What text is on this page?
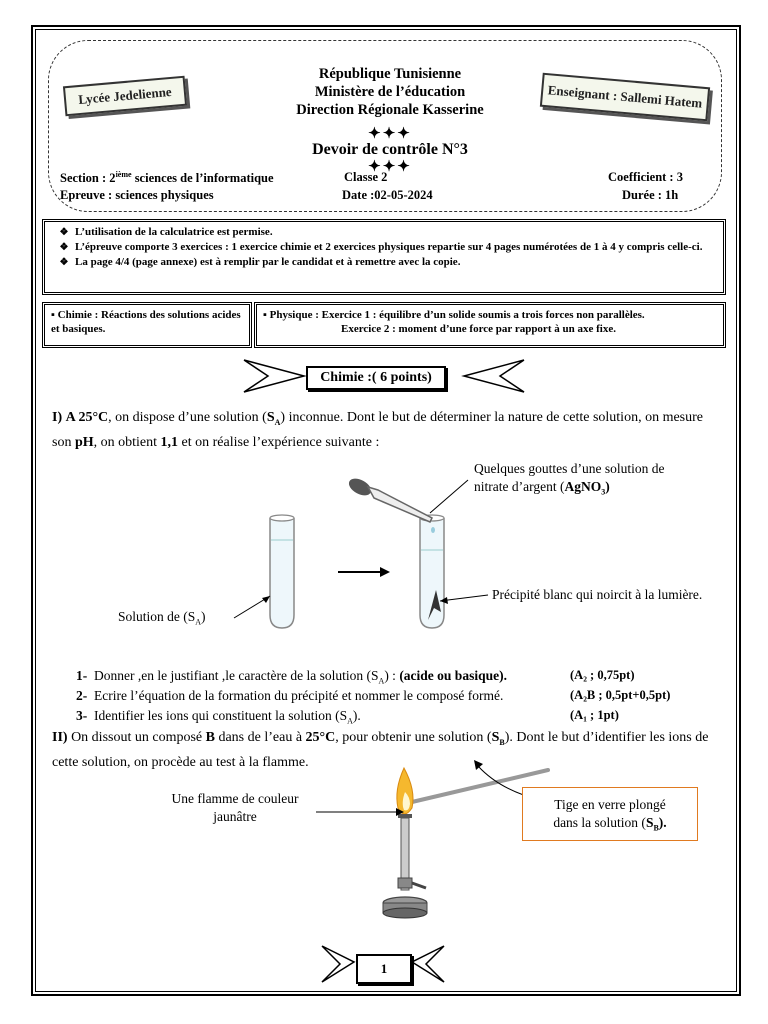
Lycée Jedelienne	Enseignant : Sallemi Hatem
République Tunisienne
Ministère de l’éducation
Direction Régionale Kasserine
✦✦✦
Devoir de contrôle N°3
✦✦✦
Section : 2ième sciences de l’informatique	Classe 2	Coefficient : 3
Epreuve : sciences physiques	Date :02-05-2024	Durée : 1h
❖ L’utilisation de la calculatrice est permise.
❖ L’épreuve comporte 3 exercices : 1 exercice chimie et 2 exercices physiques repartie sur 4 pages numérotées de 1 à 4 y compris celle-ci.
❖ La page 4/4 (page annexe) est à remplir par le candidat et à remettre avec la copie.
▪ Chimie : Réactions des solutions acides et basiques.
▪ Physique : Exercice 1 : équilibre d’un solide soumis a trois forces non parallèles.
Exercice 2 : moment d’une force par rapport à un axe fixe.
Chimie :( 6 points)
I) A 25°C, on dispose d’une solution $(S_A)$ inconnue. Dont le but de déterminer la nature de cette solution, on mesure son pH, on obtient 1,1 et on réalise l’expérience suivante :
Quelques gouttes d’une solution de
nitrate d’argent (AgNO$_3$)
Solution de $(S_A)$
Précipité blanc qui noircit à la lumière.
1- Donner ,en le justifiant ,le caractère de la solution $(S_A)$ : (acide ou basique).	(A₂ ; 0,75pt)
2- Ecrire l’équation de la formation du précipité et nommer le composé formé.	(A₂B ; 0,5pt+0,5pt)
3- Identifier les ions qui constituent la solution $(S_A)$.	(A₁ ; 1pt)
II) On dissout un composé B dans de l’eau à 25°C, pour obtenir une solution $(S_B)$. Dont le but d’identifier les ions de cette solution, on procède au test à la flamme.
Une flamme de couleur
jaunâtre
Tige en verre plongé
dans la solution $(S_B)$.
1
